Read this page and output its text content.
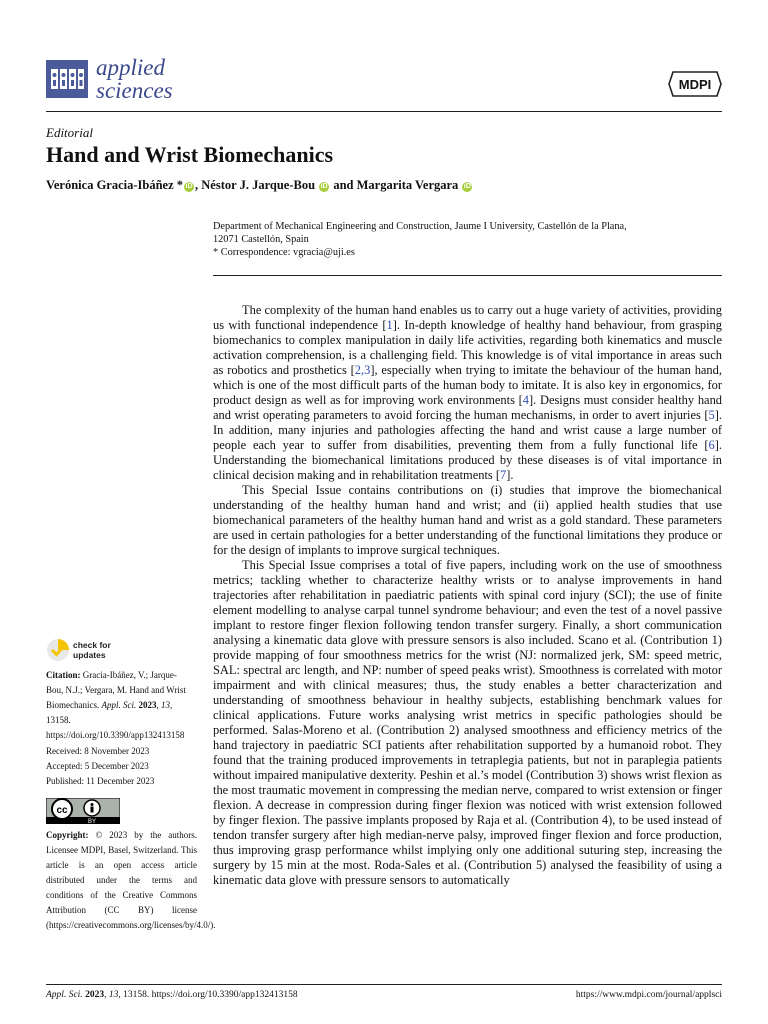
applied
sciences	MDPI
Editorial
Hand and Wrist Biomechanics
Verónica Gracia-Ibáñez * iD , Néstor J. Jarque-Bou iD and Margarita Vergara iD
Department of Mechanical Engineering and Construction, Jaume I University, Castellón de la Plana,
12071 Castellón, Spain
* Correspondence: vgracia@uji.es

The complexity of the human hand enables us to carry out a huge variety of activities, providing us with functional independence [1]. In-depth knowledge of healthy hand behaviour, from grasping biomechanics to complex manipulation in daily life activities, regarding both kinematics and muscle activation comprehension, is a challenging field. This knowledge is of vital importance in areas such as robotics and prosthetics [2,3], especially when trying to imitate the behaviour of the human hand, which is one of the most difficult parts of the human body to imitate. It is also key in ergonomics, for product design as well as for improving work environments [4]. Designs must consider healthy hand and wrist operating parameters to avoid forcing the human mechanisms, in order to avert injuries [5]. In addition, many injuries and pathologies affecting the hand and wrist cause a large number of people each year to suffer from disabilities, preventing them from a fully functional life [6]. Understanding the biomechanical limitations produced by these diseases is of vital importance in clinical decision making and in rehabilitation treatments [7].

This Special Issue contains contributions on (i) studies that improve the biomechanical understanding of the healthy human hand and wrist; and (ii) applied health studies that use biomechanical parameters of the healthy human hand and wrist as a gold standard. These parameters are used in certain pathologies for a better understanding of the functional limitations they produce or for the design of implants to improve surgical techniques.

This Special Issue comprises a total of five papers, including work on the use of smoothness metrics; tackling whether to characterize healthy wrists or to analyse improvements in hand trajectories after rehabilitation in paediatric patients with spinal cord injury (SCI); the use of finite element modelling to analyse carpal tunnel syndrome behaviour; and even the test of a novel passive implant to restore finger flexion following tendon transfer surgery. Finally, a short communication analysing a kinematic data glove with pressure sensors is also included. Scano et al. (Contribution 1) provide mapping of four smoothness metrics for the wrist (NJ: normalized jerk, SM: speed metric, SAL: spectral arc length, and NP: number of speed peaks wrist). Smoothness is correlated with motor impairment and with clinical measures; thus, the study enables a better characterization and understanding of smoothness behaviour in healthy subjects, establishing benchmark values for clinical applications. Future works analysing wrist metrics in specific pathologies should be performed. Salas-Moreno et al. (Contribution 2) analysed smoothness and efficiency metrics of the hand trajectory in paediatric SCI patients after rehabilitation supported by a humanoid robot. They found that the training produced improvements in tetraplegia patients, but not in paraplegia patients without impaired manipulative dexterity. Peshin et al.’s model (Contribution 3) shows wrist flexion as the most traumatic movement in compressing the median nerve, compared to wrist extension or finger flexion. A decrease in compression during finger flexion was noticed with wrist extension followed by finger flexion. The passive implants proposed by Raja et al. (Contribution 4), to be used instead of tendon transfer surgery after high median-nerve palsy, improved finger flexion and force production, thus improving grasp performance whilst implying only one additional suturing step, increasing the surgery by 15 min at the most. Roda-Sales et al. (Contribution 5) analysed the feasibility of using a kinematic data glove with pressure sensors to automatically

check for
updates
Citation: Gracia-Ibáñez, V.; Jarque-Bou, N.J.; Vergara, M. Hand and Wrist Biomechanics. Appl. Sci. 2023, 13, 13158. https://doi.org/10.3390/app132413158
Received: 8 November 2023
Accepted: 5 December 2023
Published: 11 December 2023
cc
BY
Copyright: © 2023 by the authors. Licensee MDPI, Basel, Switzerland. This article is an open access article distributed under the terms and conditions of the Creative Commons Attribution (CC BY) license (https://creativecommons.org/licenses/by/4.0/).
Appl. Sci. 2023, 13, 13158. https://doi.org/10.3390/app132413158	https://www.mdpi.com/journal/applsci
